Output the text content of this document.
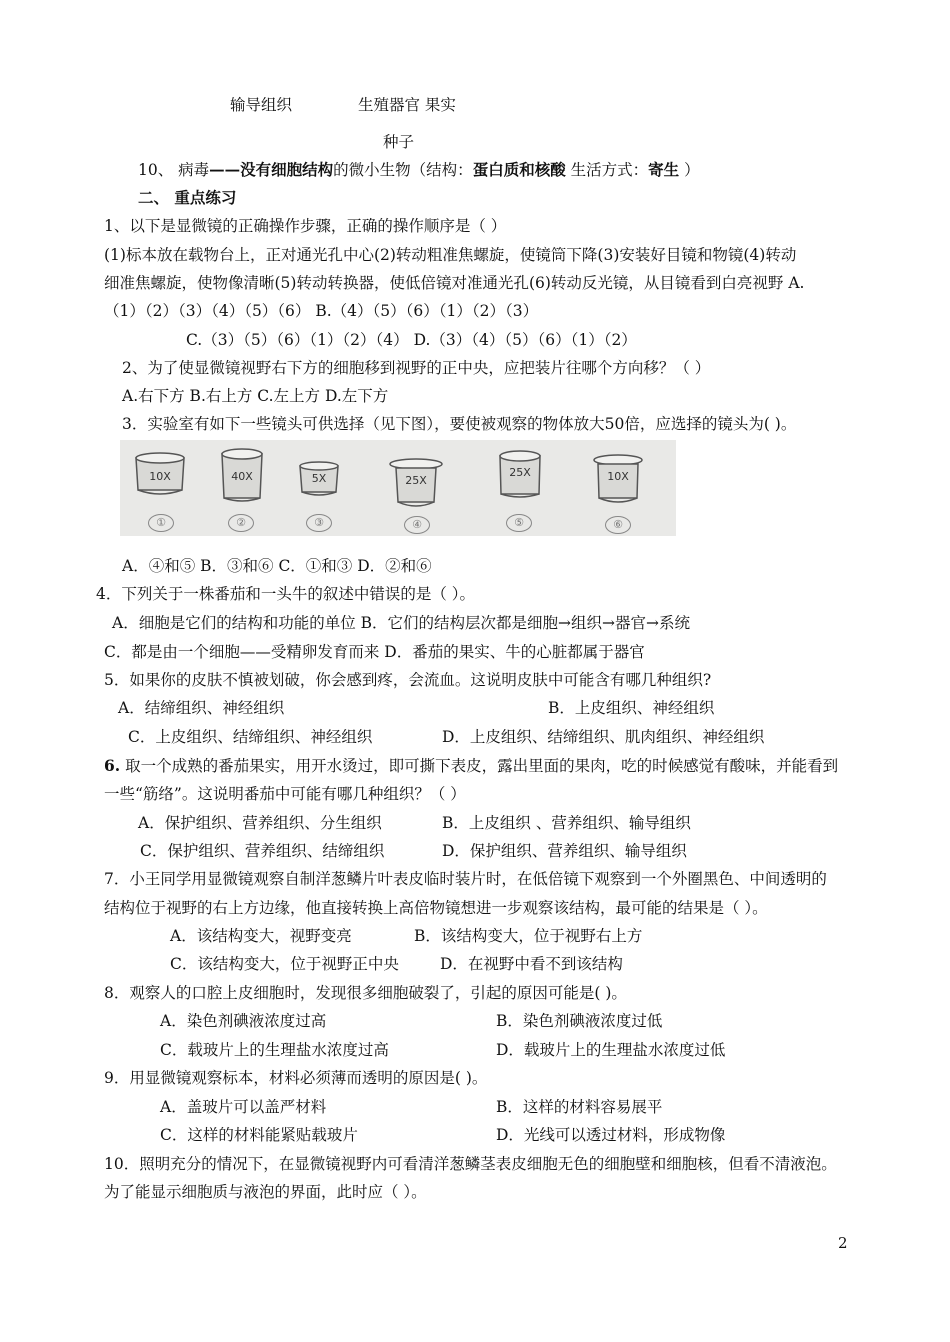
输导组织	生殖器官 果实
种子
10、 病毒——没有细胞结构的微小生物（结构：蛋白质和核酸 生活方式：寄生 ）
二、 重点练习
1、以下是显微镜的正确操作步骤，正确的操作顺序是（ ）
(1)标本放在载物台上，正对通光孔中心(2)转动粗准焦螺旋，使镜筒下降(3)安装好目镜和物镜(4)转动
细准焦螺旋，使物像清晰(5)转动转换器，使低倍镜对准通光孔(6)转动反光镜，从目镜看到白亮视野 A.
（1）（2）（3）（4）（5）（6） B.（4）（5）（6）（1）（2）（3）
C.（3）（5）（6）（1）（2）（4） D.（3）（4）（5）（6）（1）（2）
2、为了使显微镜视野右下方的细胞移到视野的正中央，应把装片往哪个方向移？（ ）
A.右下方 B.右上方 C.左上方 D.左下方
3．实验室有如下一些镜头可供选择（见下图），要使被观察的物体放大50倍，应选择的镜头为( )。
10X
①
40X
②
5X
③
25X
④
25X
⑤
10X
⑥
A．④和⑤ B．③和⑥ C．①和③ D．②和⑥
4．下列关于一株番茄和一头牛的叙述中错误的是（ ）。
A．细胞是它们的结构和功能的单位 B．它们的结构层次都是细胞→组织→器官→系统
C．都是由一个细胞——受精卵发育而来 D．番茄的果实、牛的心脏都属于器官
5．如果你的皮肤不慎被划破，你会感到疼，会流血。这说明皮肤中可能含有哪几种组织?
A．结缔组织、神经组织	B．上皮组织、神经组织
C．上皮组织、结缔组织、神经组织	D．上皮组织、结缔组织、肌肉组织、神经组织
6. 取一个成熟的番茄果实，用开水烫过，即可撕下表皮，露出里面的果肉，吃的时候感觉有酸味，并能看到
一些“筋络”。这说明番茄中可能有哪几种组织？（ ）
A．保护组织、营养组织、分生组织	B．上皮组织 、营养组织、输导组织
C．保护组织、营养组织、结缔组织	D．保护组织、营养组织、输导组织
7．小王同学用显微镜观察自制洋葱鳞片叶表皮临时装片时，在低倍镜下观察到一个外圈黑色、中间透明的
结构位于视野的右上方边缘，他直接转换上高倍物镜想进一步观察该结构，最可能的结果是（ ）。
A．该结构变大，视野变亮	B．该结构变大，位于视野右上方
C．该结构变大，位于视野正中央	D．在视野中看不到该结构
8．观察人的口腔上皮细胞时，发现很多细胞破裂了，引起的原因可能是( )。
A．染色剂碘液浓度过高	B．染色剂碘液浓度过低
C．载玻片上的生理盐水浓度过高	D．载玻片上的生理盐水浓度过低
9．用显微镜观察标本，材料必须薄而透明的原因是( )。
A．盖玻片可以盖严材料	B．这样的材料容易展平
C．这样的材料能紧贴载玻片	D．光线可以透过材料，形成物像
10．照明充分的情况下，在显微镜视野内可看清洋葱鳞茎表皮细胞无色的细胞壁和细胞核，但看不清液泡。
为了能显示细胞质与液泡的界面，此时应（ ）。
2
